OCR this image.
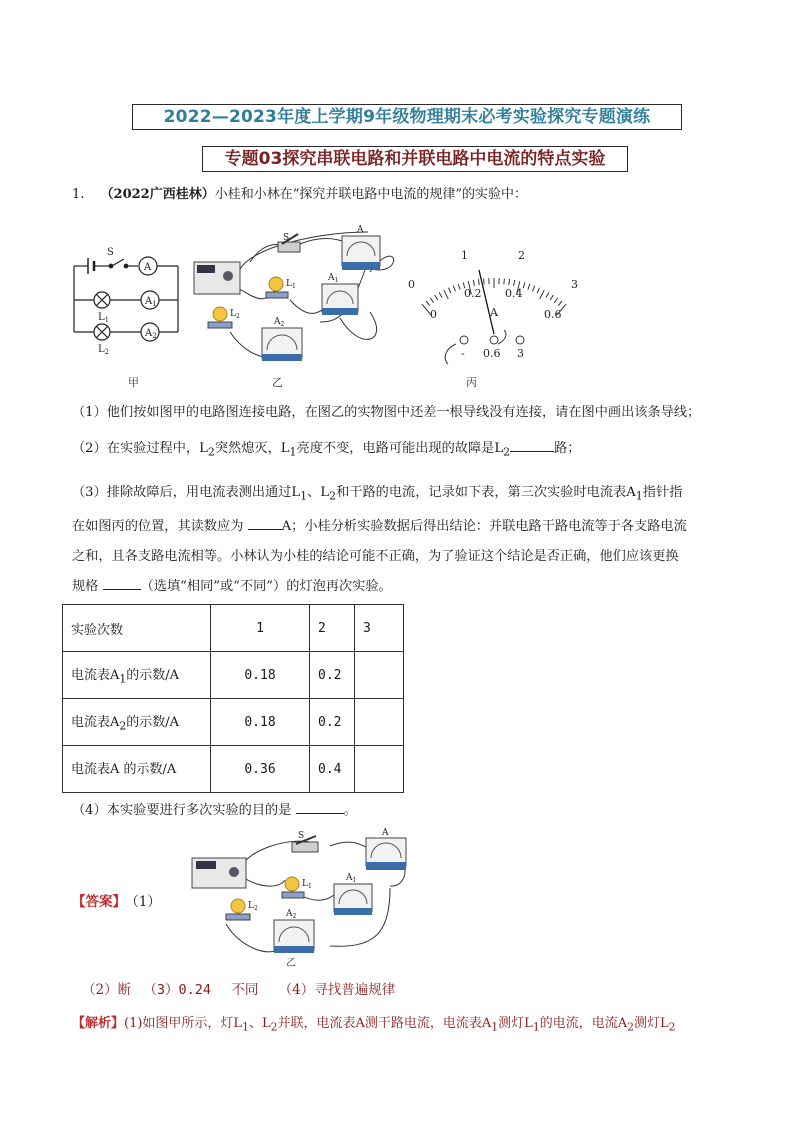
2022—2023年度上学期9年级物理期末必考实验探究专题演练
专题03探究串联电路和并联电路中电流的特点实验
1. （2022广西桂林）小桂和小林在“探究并联电路中电流的规律”的实验中：
S
A
$A_1$
$A_2$
$L_1$
$L_2$
甲
S
A
$L_1$
$A_1$
$L_2$
$A_2$
乙
0
1	2
3
0
0.2 0.4
0.6
A
- 0.6 3
丙
（1）他们按如图甲的电路图连接电路，在图乙的实物图中还差一根导线没有连接，请在图中画出该条导线；
（2）在实验过程中，$L_2$突然熄灭，$L_1$亮度不变，电路可能出现的故障是$L_2$	路；
（3）排除故障后，用电流表测出通过$L_1$、$L_2$和干路的电流，记录如下表，第三次实验时电流表$A_1$指针指
在如图丙的位置，其读数应为	A；小桂分析实验数据后得出结论：并联电路干路电流等于各支路电流
之和，且各支路电流相等。小林认为小桂的结论可能不正确，为了验证这个结论是否正确，他们应该更换
规格	（选填“相同”或“不同”）的灯泡再次实验。
实验次数	1	2	3
电流表$A_1$的示数/A	0.18	0.2	
电流表$A_2$的示数/A	0.18	0.2	
电流表A 的示数/A	0.36	0.4	
（4）本实验要进行多次实验的目的是	。
【答案】 （1）
S	A
$L_1$
$A_1$
$L_2$
$A_2$
乙
（2）断 （3）0.24 不同 （4）寻找普遍规律
【解析】(1)如图甲所示，灯$L_1$、$L_2$并联，电流表A测干路电流，电流表$A_1$测灯$L_1$的电流，电流$A_2$测灯$L_2$
